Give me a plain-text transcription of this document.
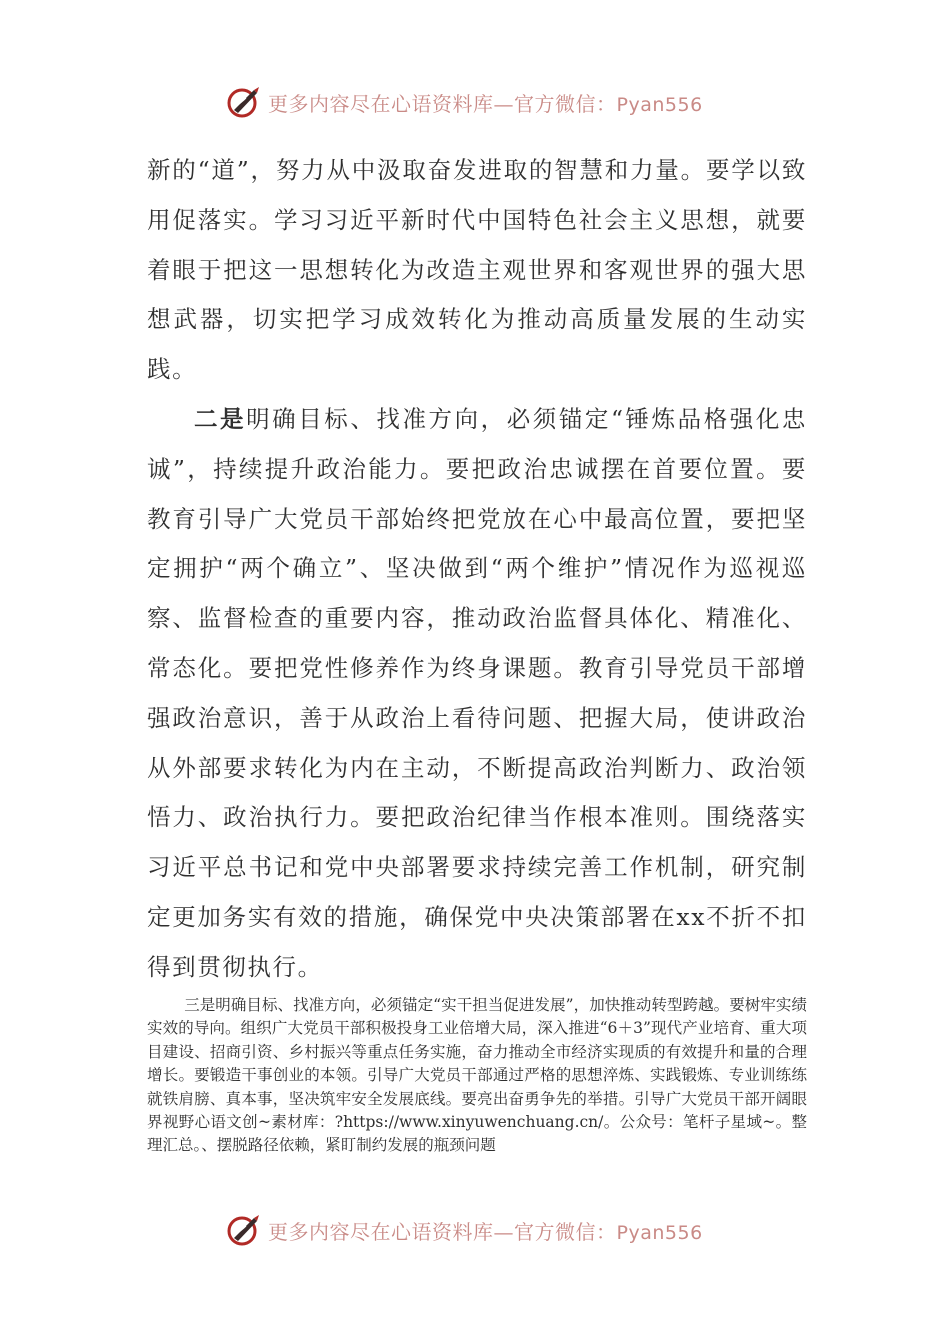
更多内容尽在心语资料库—官方微信：Pyan556

新的“道”，努力从中汲取奋发进取的智慧和力量。要学以致用促落实。学习习近平新时代中国特色社会主义思想，就要着眼于把这一思想转化为改造主观世界和客观世界的强大思想武器，切实把学习成效转化为推动高质量发展的生动实践。

二是明确目标、找准方向，必须锚定“锤炼品格强化忠诚”，持续提升政治能力。要把政治忠诚摆在首要位置。要教育引导广大党员干部始终把党放在心中最高位置，要把坚定拥护“两个确立”、坚决做到“两个维护”情况作为巡视巡察、监督检查的重要内容，推动政治监督具体化、精准化、常态化。要把党性修养作为终身课题。教育引导党员干部增强政治意识，善于从政治上看待问题、把握大局，使讲政治从外部要求转化为内在主动，不断提高政治判断力、政治领悟力、政治执行力。要把政治纪律当作根本准则。围绕落实习近平总书记和党中央部署要求持续完善工作机制，研究制定更加务实有效的措施，确保党中央决策部署在xx不折不扣得到贯彻执行。

三是明确目标、找准方向，必须锚定“实干担当促进发展”，加快推动转型跨越。要树牢实绩实效的导向。组织广大党员干部积极投身工业倍增大局，深入推进“6＋3”现代产业培育、重大项目建设、招商引资、乡村振兴等重点任务实施，奋力推动全市经济实现质的有效提升和量的合理增长。要锻造干事创业的本领。引导广大党员干部通过严格的思想淬炼、实践锻炼、专业训练练就铁肩膀、真本事，坚决筑牢安全发展底线。要亮出奋勇争先的举措。引导广大党员干部开阔眼界视野心语文创~素材库：?https://www.xinyuwenchuang.cn/。公众号：笔杆子星域~。整理汇总。、摆脱路径依赖，紧盯制约发展的瓶颈问题

更多内容尽在心语资料库—官方微信：Pyan556
